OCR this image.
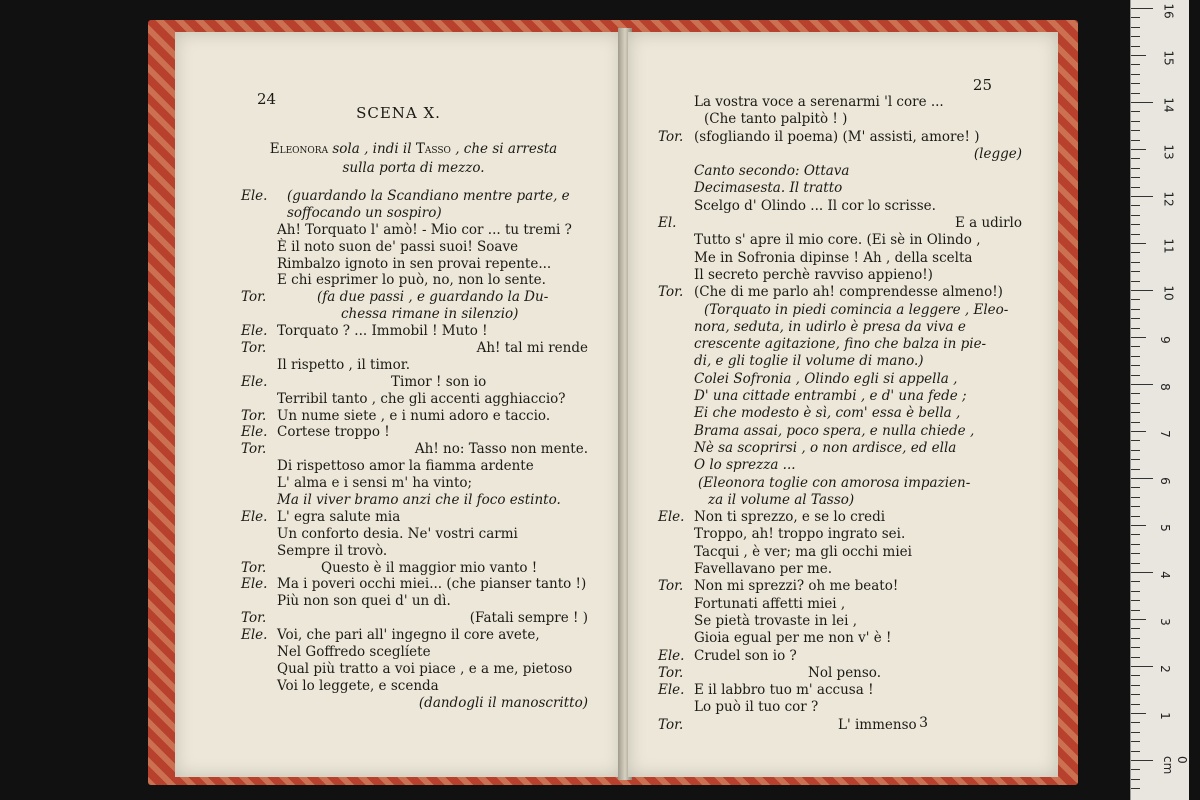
24
SCENA X.
Eleonora sola , indi il Tasso , che si arresta
sulla porta di mezzo.
Ele. (guardando la Scandiano mentre parte, e
soffocando un sospiro)
Ah! Torquato l' amò! - Mio cor ... tu tremi ?
È il noto suon de' passi suoi! Soave
Rimbalzo ignoto in sen provai repente...
E chi esprimer lo può, no, non lo sente.
Tor.	(fa due passi , e guardando la Du-
chessa rimane in silenzio)
Ele. Torquato ? ... Immobil ! Muto !
Tor.	Ah! tal mi rende
Il rispetto , il timor.
Ele.	Timor ! son io
Terribil tanto , che gli accenti agghiaccio?
Tor. Un nume siete , e i numi adoro e taccio.
Ele. Cortese troppo !
Tor.	Ah! no: Tasso non mente.
Di rispettoso amor la fiamma ardente
L' alma e i sensi m' ha vinto;
Ma il viver bramo anzi che il foco estinto.
Ele. L' egra salute mia
Un conforto desia. Ne' vostri carmi
Sempre il trovò.
Tor.	Questo è il maggior mio vanto !
Ele. Ma i poveri occhi miei... (che pianser tanto !)
Più non son quei d' un dì.
Tor.	(Fatali sempre ! )
Ele. Voi, che pari all' ingegno il core avete,
Nel Goffredo sceglíete
Qual più tratto a voi piace , e a me, pietoso
Voi lo leggete, e scenda
(dandogli il manoscritto)
25
La vostra voce a serenarmi 'l core ...
(Che tanto palpitò ! )
Tor. (sfogliando il poema) (M' assisti, amore! )
(legge)
Canto secondo: Ottava
Decimasesta. Il tratto
Scelgo d' Olindo ... Il cor lo scrisse.
El.	E a udirlo
Tutto s' apre il mio core. (Ei sè in Olindo ,
Me in Sofronia dipinse ! Ah , della scelta
Il secreto perchè ravviso appieno!)
Tor. (Che di me parlo ah! comprendesse almeno!)
(Torquato in piedi comincia a leggere , Eleo-
nora, seduta, in udirlo è presa da viva e
crescente agitazione, fino che balza in pie-
di, e gli toglie il volume di mano.)
Colei Sofronia , Olindo egli si appella ,
D' una cittade entrambi , e d' una fede ;
Ei che modesto è sì, com' essa è bella ,
Brama assai, poco spera, e nulla chiede ,
Nè sa scoprirsi , o non ardisce, ed ella
O lo sprezza ...
(Eleonora toglie con amorosa impazien-
za il volume al Tasso)
Ele. Non ti sprezzo, e se lo credi
Troppo, ah! troppo ingrato sei.
Tacqui , è ver; ma gli occhi miei
Favellavano per me.
Tor. Non mi sprezzi? oh me beato!
Fortunati affetti miei ,
Se pietà trovaste in lei ,
Gioia egual per me non v' è !
Ele. Crudel son io ?
Tor.	Nol penso.
Ele. E il labbro tuo m' accusa !
Lo può il tuo cor ?
Tor.	L' immenso 3
16
15
14
13
12
11
10
9
8
7
6
5
4
3
2
1
0 cm
